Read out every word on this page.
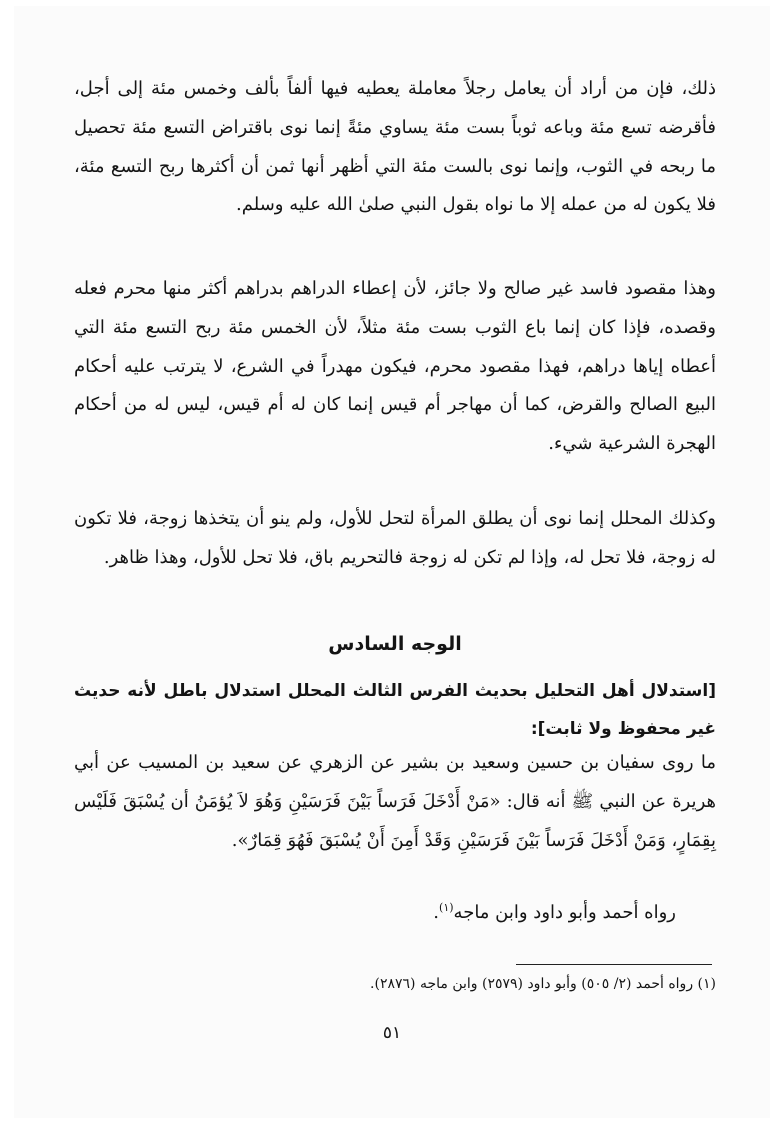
ذلك، فإن من أراد أن يعامل رجلاً معاملة يعطيه فيها ألفاً بألف وخمس مئة إلى أجل، فأقرضه تسع مئة وباعه ثوباً بست مئة يساوي مئةً إنما نوى باقتراض التسع مئة تحصيل ما ربحه في الثوب، وإنما نوى بالست مئة التي أظهر أنها ثمن أن أكثرها ربح التسع مئة، فلا يكون له من عمله إلا ما نواه بقول النبي صلىٰ الله عليه وسلم.

وهذا مقصود فاسد غير صالح ولا جائز، لأن إعطاء الدراهم بدراهم أكثر منها محرم فعله وقصده، فإذا كان إنما باع الثوب بست مئة مثلاً، لأن الخمس مئة ربح التسع مئة التي أعطاه إياها دراهم، فهذا مقصود محرم، فيكون مهدراً في الشرع، لا يترتب عليه أحكام البيع الصالح والقرض، كما أن مهاجر أم قيس إنما كان له أم قيس، ليس له من أحكام الهجرة الشرعية شيء.

وكذلك المحلل إنما نوى أن يطلق المرأة لتحل للأول، ولم ينو أن يتخذها زوجة، فلا تكون له زوجة، فلا تحل له، وإذا لم تكن له زوجة فالتحريم باق، فلا تحل للأول، وهذا ظاهر.

الوجه السادس
[استدلال أهل التحليل بحديث الفرس الثالث المحلل استدلال باطل لأنه حديث غير محفوظ ولا ثابت]:

ما روى سفيان بن حسين وسعيد بن بشير عن الزهري عن سعيد بن المسيب عن أبي هريرة عن النبي ﷺ أنه قال: «مَنْ أَدْخَلَ فَرَساً بَيْنَ فَرَسَيْنِ وَهُوَ لاَ يُؤمَنُ أن يُسْبَقَ فَلَيْس بِقِمَارٍ، وَمَنْ أَدْخَلَ فَرَساً بَيْنَ فَرَسَيْنِ وَقَدْ أَمِنَ أَنْ يُسْبَقَ فَهُوَ قِمَارٌ».

رواه أحمد وأبو داود وابن ماجه$^{(١)}$.

(١) رواه أحمد (٢/ ٥٠٥) وأبو داود (٢٥٧٩) وابن ماجه (٢٨٧٦).

٥١
